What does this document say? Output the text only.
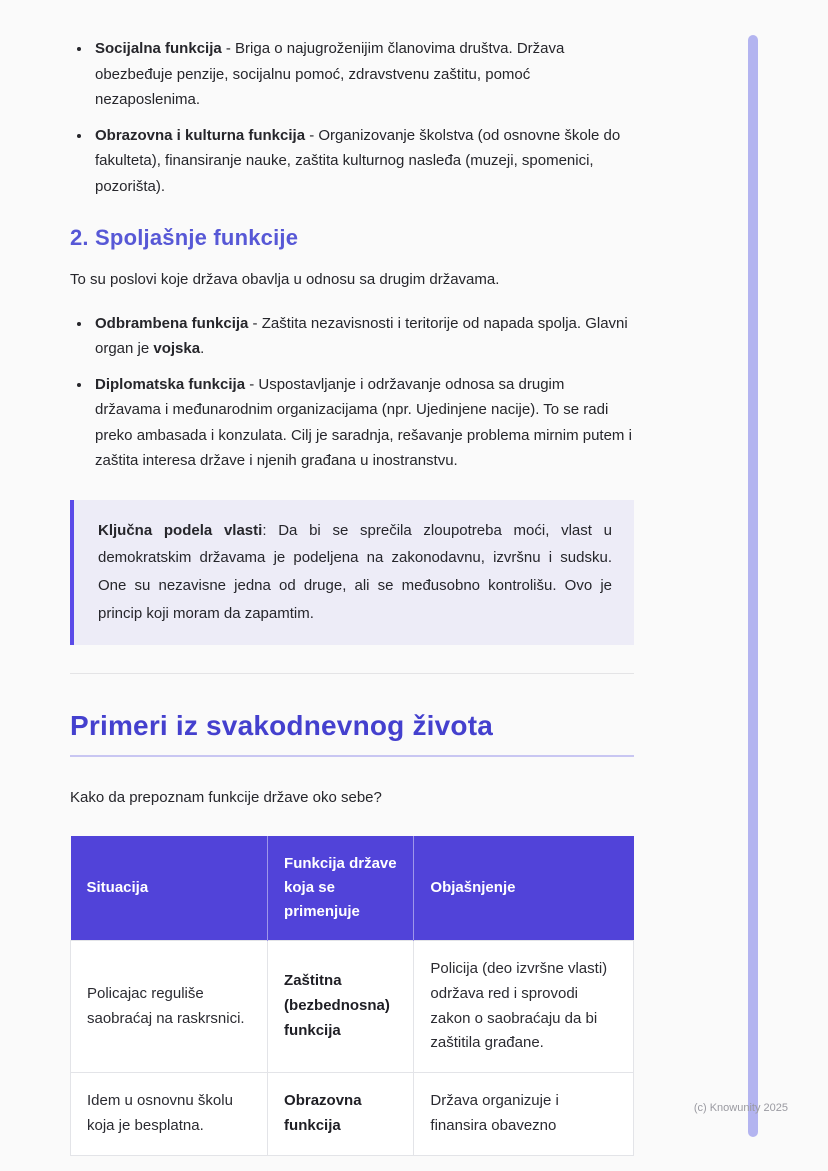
• Socijalna funkcija - Briga o najugroženijim članovima društva. Država obezbeđuje penzije, socijalnu pomoć, zdravstvenu zaštitu, pomoć nezaposlenima.
• Obrazovna i kulturna funkcija - Organizovanje školstva (od osnovne škole do fakulteta), finansiranje nauke, zaštita kulturnog nasleđa (muzeji, spomenici, pozorišta).
2. Spoljašnje funkcije

To su poslovi koje država obavlja u odnosu sa drugim državama.

• Odbrambena funkcija - Zaštita nezavisnosti i teritorije od napada spolja. Glavni organ je vojska.
• Diplomatska funkcija - Uspostavljanje i održavanje odnosa sa drugim državama i međunarodnim organizacijama (npr. Ujedinjene nacije). To se radi preko ambasada i konzulata. Cilj je saradnja, rešavanje problema mirnim putem i zaštita interesa države i njenih građana u inostranstvu.

Ključna podela vlasti: Da bi se sprečila zloupotreba moći, vlast u demokratskim državama je podeljena na zakonodavnu, izvršnu i sudsku. One su nezavisne jedna od druge, ali se međusobno kontrolišu. Ovo je princip koji moram da zapamtim.

Primeri iz svakodnevnog života

Kako da prepoznam funkcije države oko sebe?

Situacija	Funkcija države koja se primenjuje	Objašnjenje
Policajac reguliše saobraćaj na raskrsnici.	Zaštitna (bezbednosna) funkcija	Policija (deo izvršne vlasti) održava red i sprovodi zakon o saobraćaju da bi zaštitila građane.
Idem u osnovnu školu koja je besplatna.	Obrazovna funkcija	Država organizuje i finansira obavezno
(c) Knowunity 2025
